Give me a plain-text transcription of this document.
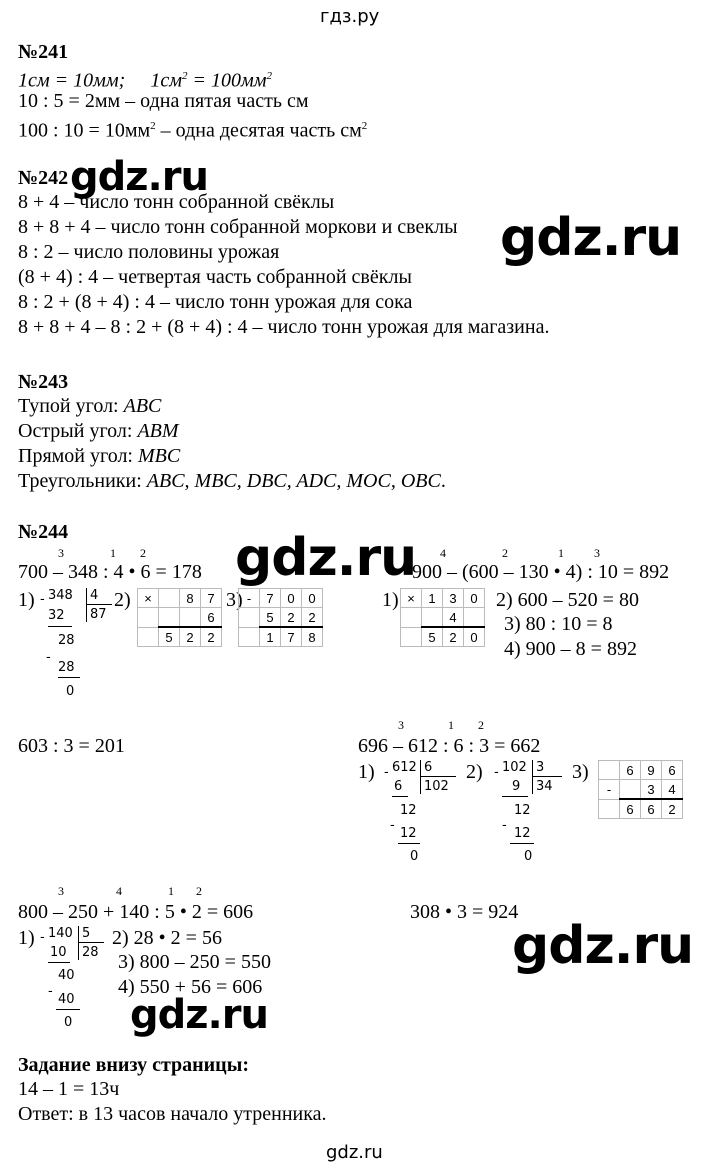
гдз.ру
№241
1см = 10мм; $1см^2 = 100мм^2$
10 : 5 = 2мм – одна пятая часть см
100 : $10 = 10мм^2$ – одна десятая часть $см^2$
№242 gdz.ru
8 + 4 – число тонн собранной свёклы
8 + 8 + 4 – число тонн собранной моркови и свеклы
8 : 2 – число половины урожая
(8 + 4) : 4 – четвертая часть собранной свёклы
8 : 2 + (8 + 4) : 4 – число тонн урожая для сока
8 + 8 + 4 – 8 : 2 + (8 + 4) : 4 – число тонн урожая для магазина.
gdz.ru
№243
Тупой угол: ABC
Острый угол: ABM
Прямой угол: MBC
Треугольники: ABC, MBC, DBC, ADC, MOC, OBC.
№244
3	1 2
700 – 348 : 4 • 6 = 178 gdz.ru
1) - 348 4
87
32
28
-
28
0
2) ×		8	7
			6
	5	2	2
3) -	7	0	0
	5	2	2
	1	7	8
4	2	1	3
900 – (600 – 130 • 4) : 10 = 892
1) ×	1	3	0
		4	
	5	2	0
2) 600 – 520 = 80
3) 80 : 10 = 8
4) 900 – 8 = 892
603 : 3 = 201
3	1 2
696 – 612 : 6 : 3 = 662
1) - 612 6
102
6
12
-
12
0
2) - 102 3
34
9
12
-
12
0
3)
		6	9	6
-		3	4
	6	6	2
3	4	1 2
800 – 250 + 140 : 5 • 2 = 606
1) - 140 5
28
10
40
-
40
0
2) 28 • 2 = 56
3) 800 – 250 = 550
4) 550 + 56 = 606
gdz.ru
308 • 3 = 924
gdz.ru
Задание внизу страницы:
14 – 1 = 13ч
Ответ: в 13 часов начало утренника.
gdz.ru
